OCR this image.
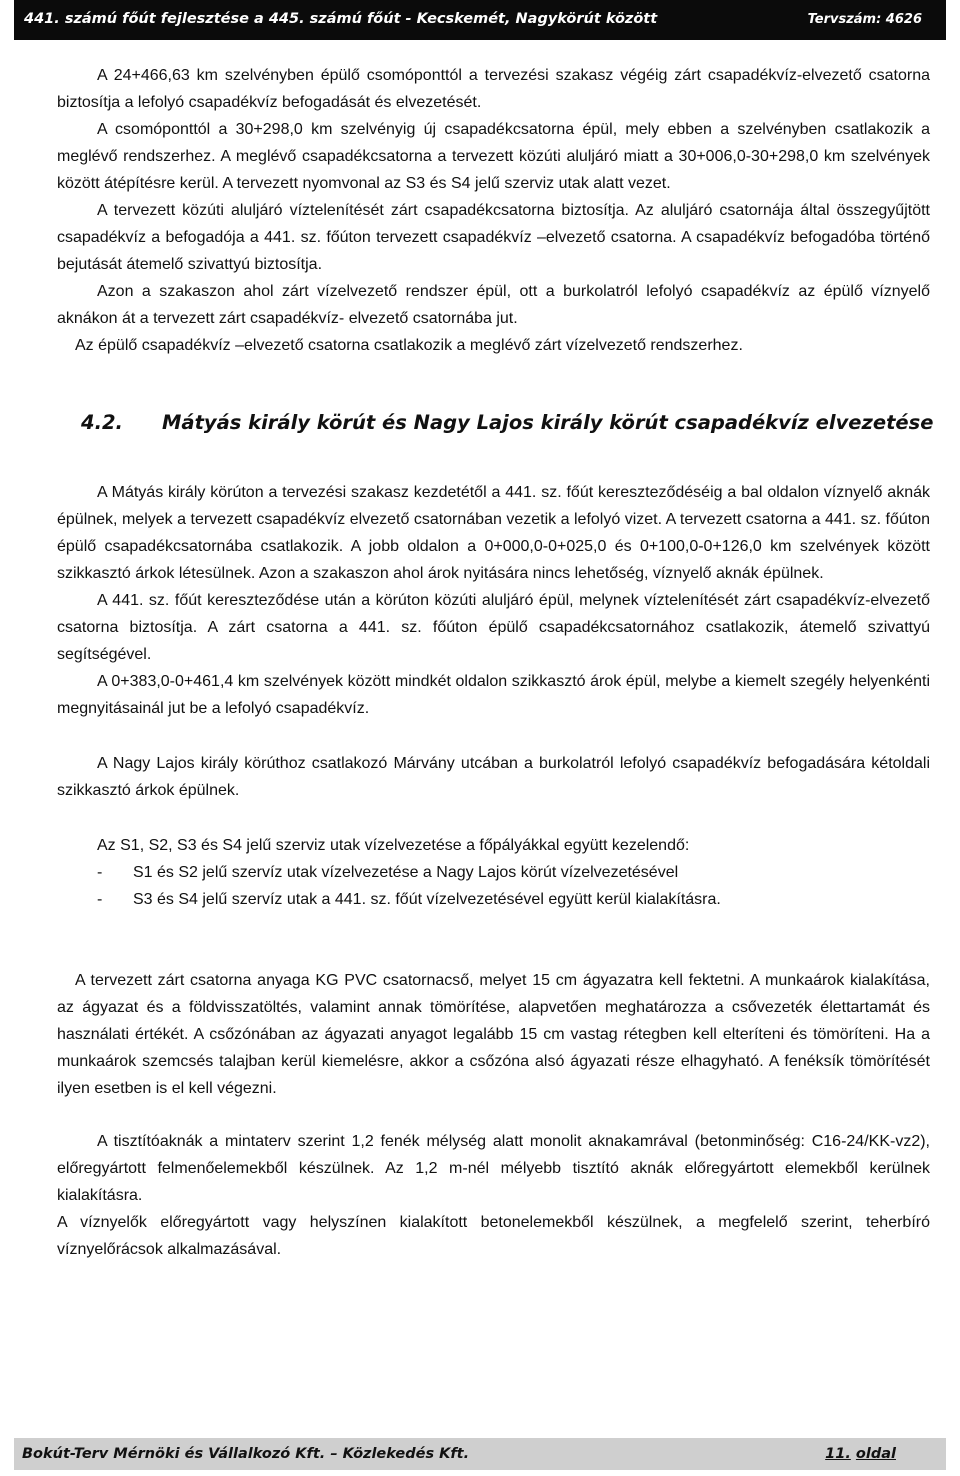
441. számú főút fejlesztése a 445. számú főút - Kecskemét, Nagykörút között	Tervszám: 4626

A 24+466,63 km szelvényben épülő csomóponttól a tervezési szakasz végéig zárt csapadékvíz-elvezető csatorna biztosítja a lefolyó csapadékvíz befogadását és elvezetését.

A csomóponttól a 30+298,0 km szelvényig új csapadékcsatorna épül, mely ebben a szelvényben csatlakozik a meglévő rendszerhez. A meglévő csapadékcsatorna a tervezett közúti aluljáró miatt a 30+006,0-30+298,0 km szelvények között átépítésre kerül. A tervezett nyomvonal az S3 és S4 jelű szerviz utak alatt vezet.

A tervezett közúti aluljáró víztelenítését zárt csapadékcsatorna biztosítja. Az aluljáró csatornája által összegyűjtött csapadékvíz a befogadója a 441. sz. főúton tervezett csapadékvíz –elvezető csatorna. A csapadékvíz befogadóba történő bejutását átemelő szivattyú biztosítja.

Azon a szakaszon ahol zárt vízelvezető rendszer épül, ott a burkolatról lefolyó csapadékvíz az épülő víznyelő aknákon át a tervezett zárt csapadékvíz- elvezető csatornába jut.

Az épülő csapadékvíz –elvezető csatorna csatlakozik a meglévő zárt vízelvezető rendszerhez.

4.2. Mátyás király körút és Nagy Lajos király körút csapadékvíz elvezetése

A Mátyás király körúton a tervezési szakasz kezdetétől a 441. sz. főút kereszteződéséig a bal oldalon víznyelő aknák épülnek, melyek a tervezett csapadékvíz elvezető csatornában vezetik a lefolyó vizet. A tervezett csatorna a 441. sz. főúton épülő csapadékcsatornába csatlakozik. A jobb oldalon a 0+000,0-0+025,0 és 0+100,0-0+126,0 km szelvények között szikkasztó árkok létesülnek. Azon a szakaszon ahol árok nyitására nincs lehetőség, víznyelő aknák épülnek.

A 441. sz. főút kereszteződése után a körúton közúti aluljáró épül, melynek víztelenítését zárt csapadékvíz-elvezető csatorna biztosítja. A zárt csatorna a 441. sz. főúton épülő csapadékcsatornához csatlakozik, átemelő szivattyú segítségével.

A 0+383,0-0+461,4 km szelvények között mindkét oldalon szikkasztó árok épül, melybe a kiemelt szegély helyenkénti megnyitásainál jut be a lefolyó csapadékvíz.

A Nagy Lajos király körúthoz csatlakozó Márvány utcában a burkolatról lefolyó csapadékvíz befogadására kétoldali szikkasztó árkok épülnek.

Az S1, S2, S3 és S4 jelű szerviz utak vízelvezetése a főpályákkal együtt kezelendő:

-	S1 és S2 jelű szervíz utak vízelvezetése a Nagy Lajos körút vízelvezetésével
-	S3 és S4 jelű szervíz utak a 441. sz. főút vízelvezetésével együtt kerül kialakításra.

A tervezett zárt csatorna anyaga KG PVC csatornacső, melyet 15 cm ágyazatra kell fektetni. A munkaárok kialakítása, az ágyazat és a földvisszatöltés, valamint annak tömörítése, alapvetően meghatározza a csővezeték élettartamát és használati értékét. A csőzónában az ágyazati anyagot legalább 15 cm vastag rétegben kell elteríteni és tömöríteni. Ha a munkaárok szemcsés talajban kerül kiemelésre, akkor a csőzóna alsó ágyazati része elhagyható. A fenéksík tömörítését ilyen esetben is el kell végezni.

A tisztítóaknák a mintaterv szerint 1,2 fenék mélység alatt monolit aknakamrával (betonminőség: C16-24/KK-vz2), előregyártott felmenőelemekből készülnek. Az 1,2 m-nél mélyebb tisztító aknák előregyártott elemekből kerülnek kialakításra.

A víznyelők előregyártott vagy helyszínen kialakított betonelemekből készülnek, a megfelelő szerint, teherbíró víznyelőrácsok alkalmazásával.

Bokút-Terv Mérnöki és Vállalkozó Kft. – Közlekedés Kft.	11. oldal
